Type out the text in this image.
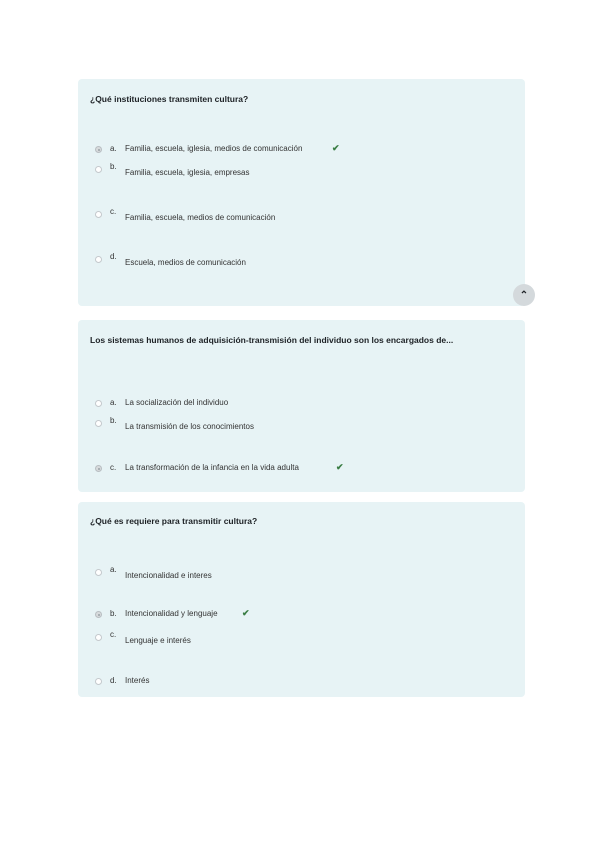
¿Qué instituciones transmiten cultura?
a. Familia, escuela, iglesia, medios de comunicación	✔
b.
Familia, escuela, iglesia, empresas
c.
Familia, escuela, medios de comunicación
d.
Escuela, medios de comunicación
⌃
Los sistemas humanos de adquisición-transmisión del individuo son los encargados de...
a. La socialización del individuo
b.
La transmisión de los conocimientos
c. La transformación de la infancia en la vida adulta	✔
¿Qué es requiere para transmitir cultura?
a.
Intencionalidad e interes
b. Intencionalidad y lenguaje	✔
c.
Lenguaje e interés
d. Interés
